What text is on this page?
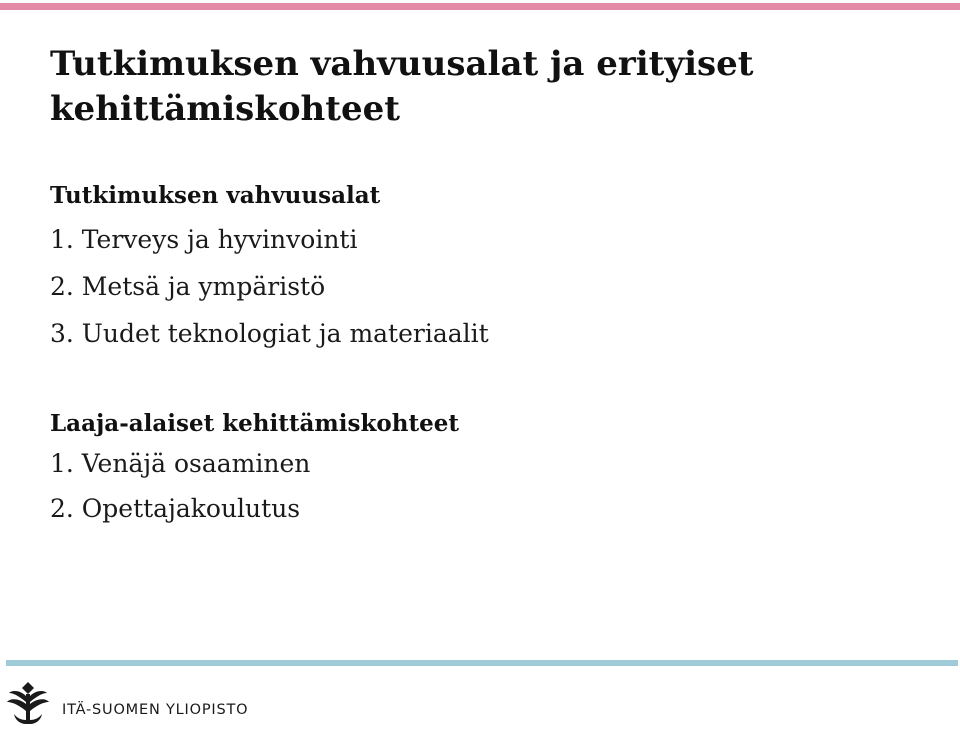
Tutkimuksen vahvuusalat ja erityiset kehittämiskohteet
Tutkimuksen vahvuusalat
1. Terveys ja hyvinvointi
2. Metsä ja ympäristö
3. Uudet teknologiat ja materiaalit
Laaja-alaiset kehittämiskohteet
1. Venäjä osaaminen
2. Opettajakoulutus
ITÄ-SUOMEN YLIOPISTO
